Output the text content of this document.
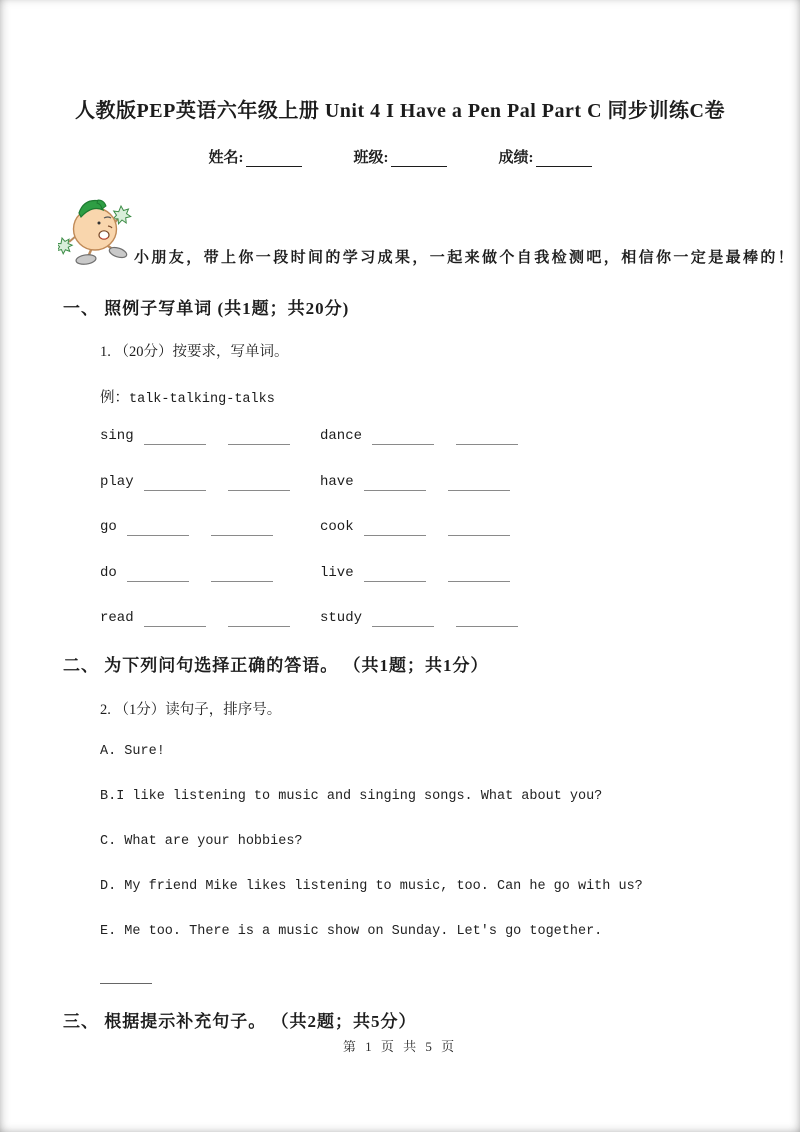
人教版PEP英语六年级上册 Unit 4 I Have a Pen Pal Part C 同步训练C卷
姓名:	班级:	成绩:
小朋友，带上你一段时间的学习成果，一起来做个自我检测吧，相信你一定是最棒的！
一、 照例子写单词 (共1题；共20分)
1. （20分）按要求，写单词。
例：talk-talking-talks
sing	dance
play	have
go	cook
do	live
read	study
二、 为下列问句选择正确的答语。 （共1题；共1分）
2. （1分）读句子，排序号。
A. Sure!
B.I like listening to music and singing songs. What about you?
C. What are your hobbies?
D. My friend Mike likes listening to music, too. Can he go with us?
E. Me too. There is a music show on Sunday. Let's go together.
三、 根据提示补充句子。 （共2题；共5分）
第 1 页 共 5 页
